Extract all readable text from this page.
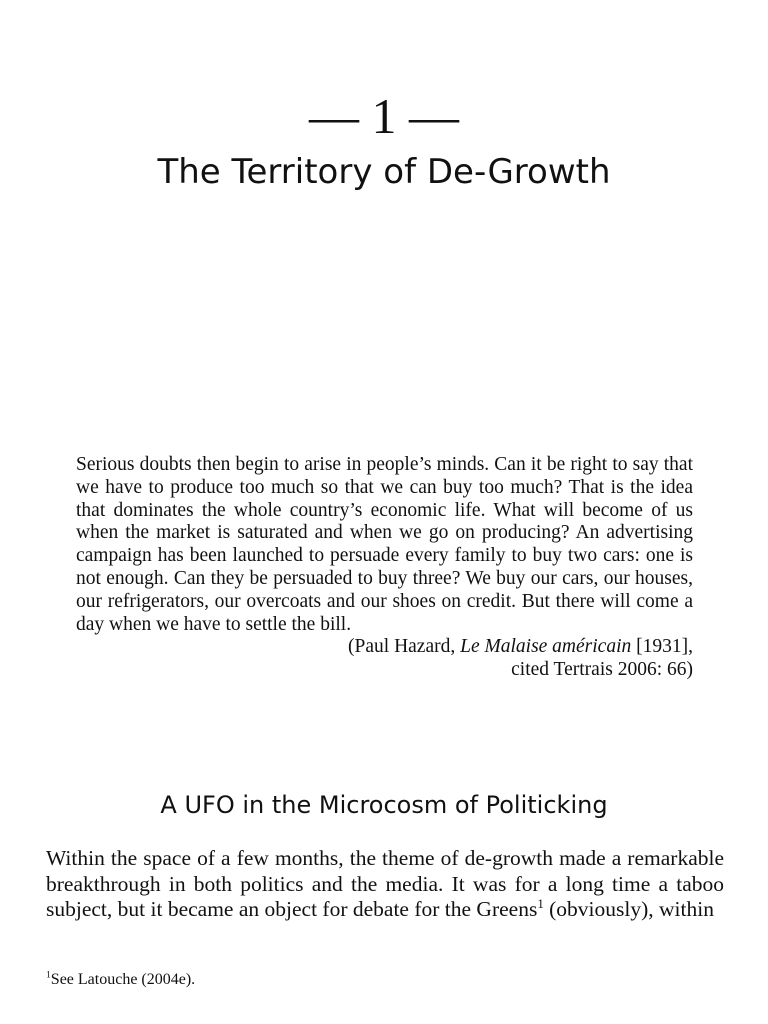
— 1 —
The Territory of De-Growth

Serious doubts then begin to arise in people’s minds. Can it be right to say that we have to produce too much so that we can buy too much? That is the idea that dominates the whole country’s economic life. What will become of us when the market is saturated and when we go on producing? An advertising campaign has been launched to persuade every family to buy two cars: one is not enough. Can they be persuaded to buy three? We buy our cars, our houses, our refrigerators, our overcoats and our shoes on credit. But there will come a day when we have to settle the bill.

(Paul Hazard, Le Malaise américain [1931],
cited Tertrais 2006: 66)

A UFO in the Microcosm of Politicking

Within the space of a few months, the theme of de-growth made a remarkable breakthrough in both politics and the media. It was for a long time a taboo subject, but it became an object for debate for the Greens$^1$ (obviously), within

$^1$See Latouche (2004e).
